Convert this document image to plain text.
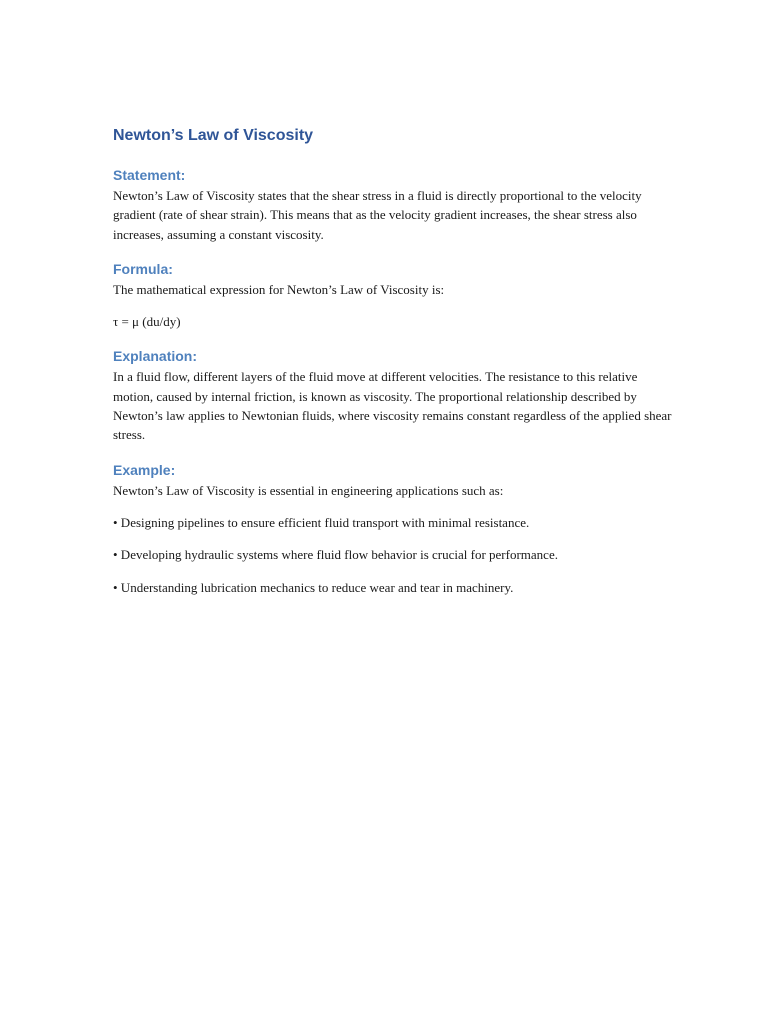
Newton’s Law of Viscosity
Statement:

Newton’s Law of Viscosity states that the shear stress in a fluid is directly proportional to the velocity gradient (rate of shear strain). This means that as the velocity gradient increases, the shear stress also increases, assuming a constant viscosity.

Formula:

The mathematical expression for Newton’s Law of Viscosity is:

τ = μ (du/dy)

Explanation:

In a fluid flow, different layers of the fluid move at different velocities. The resistance to this relative motion, caused by internal friction, is known as viscosity. The proportional relationship described by Newton’s law applies to Newtonian fluids, where viscosity remains constant regardless of the applied shear stress.

Example:

Newton’s Law of Viscosity is essential in engineering applications such as:

• Designing pipelines to ensure efficient fluid transport with minimal resistance.

• Developing hydraulic systems where fluid flow behavior is crucial for performance.

• Understanding lubrication mechanics to reduce wear and tear in machinery.
